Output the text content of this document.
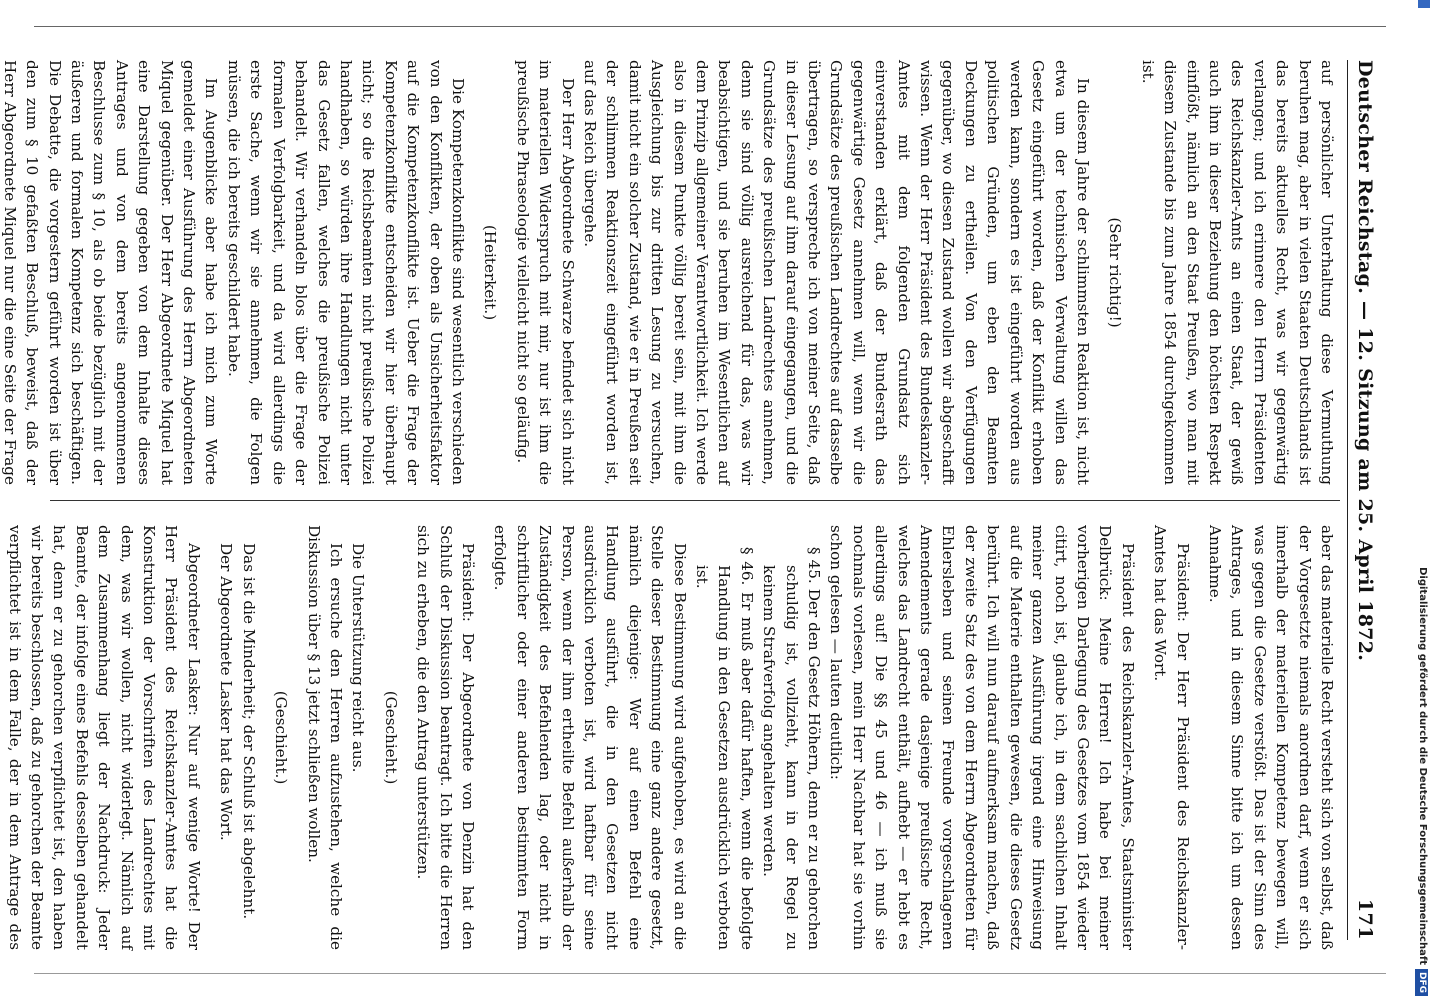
Deutscher Reichstag. — 12. Sitzung am 25. April 1872.
171

auf persönlicher Unterhaltung diese Vermuthung beruhen mag, aber in vielen Staaten Deutschlands ist das bereits aktuelles Recht, was wir gegenwärtig verlangen; und ich erinnere den Herrn Präsidenten des Reichskanzler-Amts an einen Staat, der gewiß auch ihm in dieser Beziehung den höchsten Respekt einflößt, nämlich an den Staat Preußen, wo man mit diesem Zustande bis zum Jahre 1854 durchgekommen ist.

(Sehr richtig!)

In diesem Jahre der schlimmsten Reaktion ist, nicht etwa um der technischen Verwaltung willen das Gesetz eingeführt worden, daß der Konflikt erhoben werden kann, sondern es ist eingeführt worden aus politischen Gründen, um eben den Beamten Deckungen zu ertheilen. Von den Verfügungen gegenüber, wo diesen Zustand wollen wir abgeschafft wissen. Wenn der Herr Präsident des Bundeskanzler-Amtes mit dem folgenden Grundsatz sich einverstanden erklärt, daß der Bundesrath das gegenwärtige Gesetz annehmen will, wenn wir die Grundsätze des preußischen Landrechtes auf dasselbe übertragen, so verspreche ich von meiner Seite, daß in dieser Lesung auf ihm darauf eingegangen, und die Grundsätze des preußischen Landrechtes annehmen, denn sie sind völlig ausreichend für das, was wir beabsichtigen, und sie beruhen im Wesentlichen auf dem Prinzip allgemeiner Verantwortlichkeit. Ich werde also in diesem Punkte völlig bereit sein, mit ihm die Ausgleichung bis zur dritten Lesung zu versuchen, damit nicht ein solcher Zustand, wie er in Preußen seit der schlimmen Reaktionszeit eingeführt worden ist, auf das Reich übergehe.

Der Herr Abgeordnete Schwarze befindet sich nicht im materiellen Widerspruch mit mir, nur ist ihm die preußische Phraseologie vielleicht nicht so geläufig.

(Heiterkeit.)

Die Kompetenzkonflikte sind wesentlich verschieden von den Konflikten, der oben als Unsicherheitsfaktor auf die Kompetenzkonflikte ist. Ueber die Frage der Kompetenzkonflikte entscheiden wir hier überhaupt nicht; so die Reichsbeamten nicht preußische Polizei handhaben, so würden ihre Handlungen nicht unter das Gesetz fallen, welches die preußische Polizei behandelt. Wir verhandeln blos über die Frage der formalen Verfolgbarkeit, und da wird allerdings die erste Sache, wenn wir sie annehmen, die Folgen müssen, die ich bereits geschildert habe.

Im Augenblicke aber habe ich mich zum Worte gemeldet einer Ausführung des Herrn Abgeordneten Miquel gegenüber. Der Herr Abgeordnete Miquel hat eine Darstellung gegeben von dem Inhalte dieses Antrages und von dem bereits angenommenen Beschlusse zum § 10, als ob beide bezüglich mit der äußeren und formalen Kompetenz sich beschäftigen. Die Debatte, die vorgestern geführt worden ist über den zum § 10 gefaßten Beschluß, beweist, daß der Herr Abgeordnete Miquel nur die eine Seite der Frage

aber das materielle Recht versteht sich von selbst, daß der Vorgesetzte niemals anordnen darf, wenn er sich innerhalb der materiellen Kompetenz bewegen will, was gegen die Gesetze verstößt. Das ist der Sinn des Antrages, und in diesem Sinne bitte ich um dessen Annahme.

Präsident: Der Herr Präsident des Reichskanzler-Amtes hat das Wort.

Präsident des Reichskanzler-Amtes, Staatsminister Delbrück: Meine Herren! Ich habe bei meiner vorherigen Darlegung des Gesetzes vom 1854 wieder citirt, noch ist, glaube ich, in dem sachlichen Inhalt meiner ganzen Ausführung irgend eine Hinweisung auf die Materie enthalten gewesen, die dieses Gesetz berührt. Ich will nun darauf aufmerksam machen, daß der zweite Satz des von dem Herrn Abgeordneten für Ehlersleben und seinen Freunde vorgeschlagenen Amendements gerade dasjenige preußische Recht, welches das Landrecht enthält, aufhebt — er hebt es allerdings auf! Die §§ 45 und 46 — ich muß sie nochmals vorlesen, mein Herr Nachbar hat sie vorhin schon gelesen — lauten deutlich:

§ 45. Der den Gesetz Höhern, denn er zu gehorchen schuldig ist, vollzieht, kann in der Regel zu keinem Strafverfolg angehalten werden.

§ 46. Er muß aber dafür haften, wenn die befolgte Handlung in den Gesetzen ausdrücklich verboten ist.

Diese Bestimmung wird aufgehoben, es wird an die Stelle dieser Bestimmung eine ganz andere gesetzt, nämlich diejenige: Wer auf einen Befehl eine Handlung ausführt, die in den Gesetzen nicht ausdrücklich verboten ist, wird haftbar für seine Person, wenn der ihm ertheilte Befehl außerhalb der Zuständigkeit des Befehlenden lag, oder nicht in schriftlicher oder einer anderen bestimmten Form erfolgte.

Präsident: Der Abgeordnete von Denzin hat den Schluß der Diskussion beantragt. Ich bitte die Herren sich zu erheben, die den Antrag unterstützen.

(Geschieht.)

Die Unterstützung reicht aus.

Ich ersuche den Herren aufzustehen, welche die Diskussion über § 13 jetzt schließen wollen.

(Geschieht.)

Das ist die Minderheit; der Schluß ist abgelehnt.

Der Abgeordnete Lasker hat das Wort.

Abgeordneter Lasker: Nur auf wenige Worte! Der Herr Präsident des Reichskanzler-Amtes hat die Konstruktion der Vorschriften des Landrechtes mit dem, was wir wollen, nicht widerlegt. Nämlich auf dem Zusammenhang liegt der Nachdruck: Jeder Beamte, der infolge eines Befehls desselben gehandelt hat, denn er zu gehorchen verpflichtet ist, den haben wir bereits beschlossen, daß zu gehorchen der Beamte verpflichtet ist in dem Falle, der in dem Antrage des	Digitalisierung gefördert durch die Deutsche ForschungsgemeinschaftDFG
